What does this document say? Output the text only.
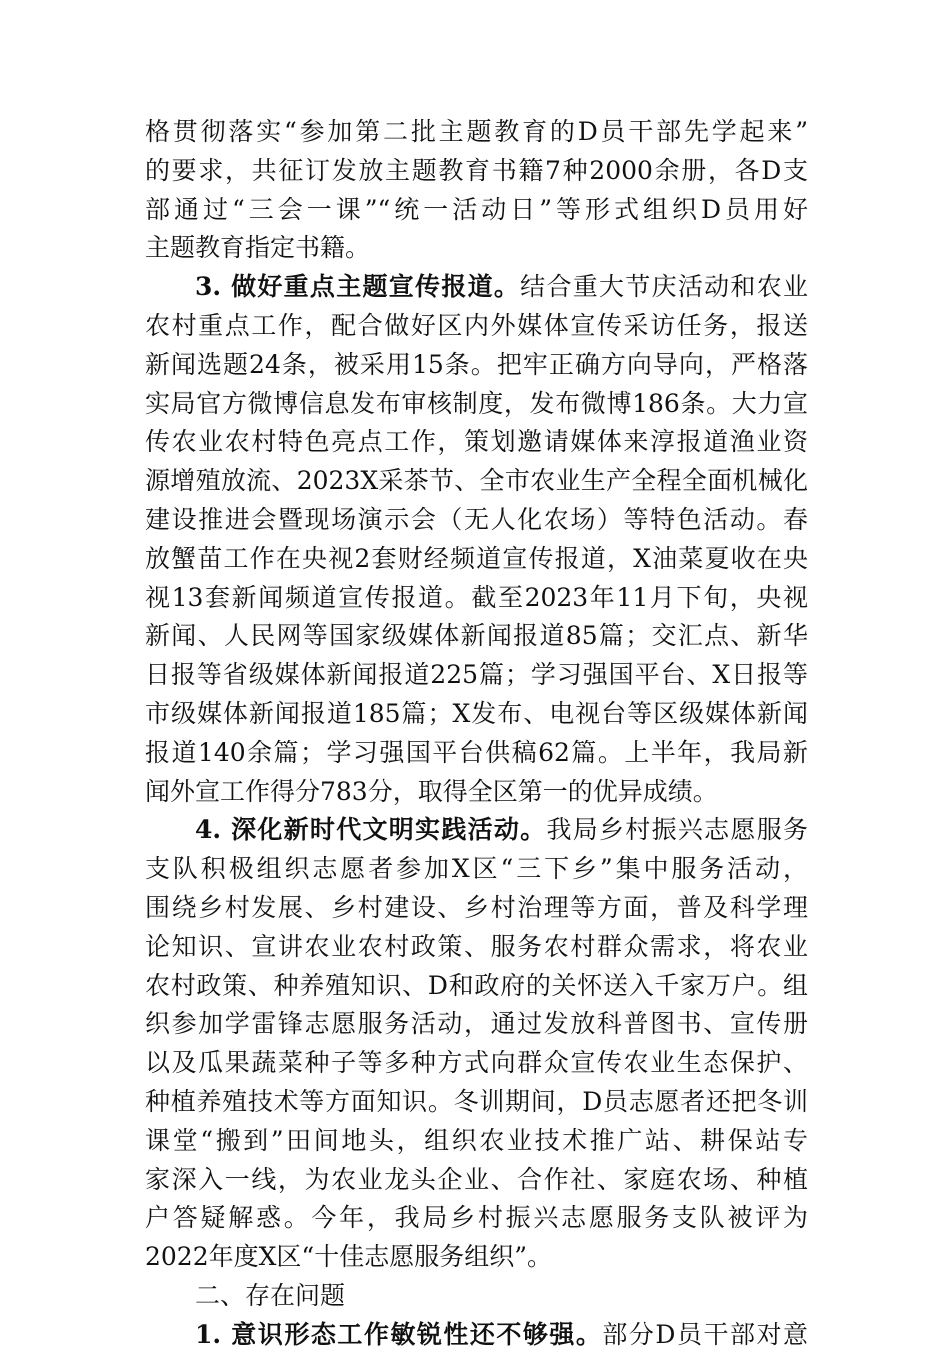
格贯彻落实“参加第二批主题教育的D员干部先学起来”
的要求，共征订发放主题教育书籍7种2000余册，各D支
部通过“三会一课”“统一活动日”等形式组织D员用好
主题教育指定书籍。
3. 做好重点主题宣传报道。结合重大节庆活动和农业
农村重点工作，配合做好区内外媒体宣传采访任务，报送
新闻选题24条，被采用15条。把牢正确方向导向，严格落
实局官方微博信息发布审核制度，发布微博186条。大力宣
传农业农村特色亮点工作，策划邀请媒体来淳报道渔业资
源增殖放流、2023X采茶节、全市农业生产全程全面机械化
建设推进会暨现场演示会（无人化农场）等特色活动。春
放蟹苗工作在央视2套财经频道宣传报道，X油菜夏收在央
视13套新闻频道宣传报道。截至2023年11月下旬，央视
新闻、人民网等国家级媒体新闻报道85篇；交汇点、新华
日报等省级媒体新闻报道225篇；学习强国平台、X日报等
市级媒体新闻报道185篇；X发布、电视台等区级媒体新闻
报道140余篇；学习强国平台供稿62篇。上半年，我局新
闻外宣工作得分783分，取得全区第一的优异成绩。
4. 深化新时代文明实践活动。我局乡村振兴志愿服务
支队积极组织志愿者参加X区“三下乡”集中服务活动，
围绕乡村发展、乡村建设、乡村治理等方面，普及科学理
论知识、宣讲农业农村政策、服务农村群众需求，将农业
农村政策、种养殖知识、D和政府的关怀送入千家万户。组
织参加学雷锋志愿服务活动，通过发放科普图书、宣传册
以及瓜果蔬菜种子等多种方式向群众宣传农业生态保护、
种植养殖技术等方面知识。冬训期间，D员志愿者还把冬训
课堂“搬到”田间地头，组织农业技术推广站、耕保站专
家深入一线，为农业龙头企业、合作社、家庭农场、种植
户答疑解惑。今年，我局乡村振兴志愿服务支队被评为
2022年度X区“十佳志愿服务组织”。
二、存在问题
1. 意识形态工作敏锐性还不够强。部分D员干部对意
